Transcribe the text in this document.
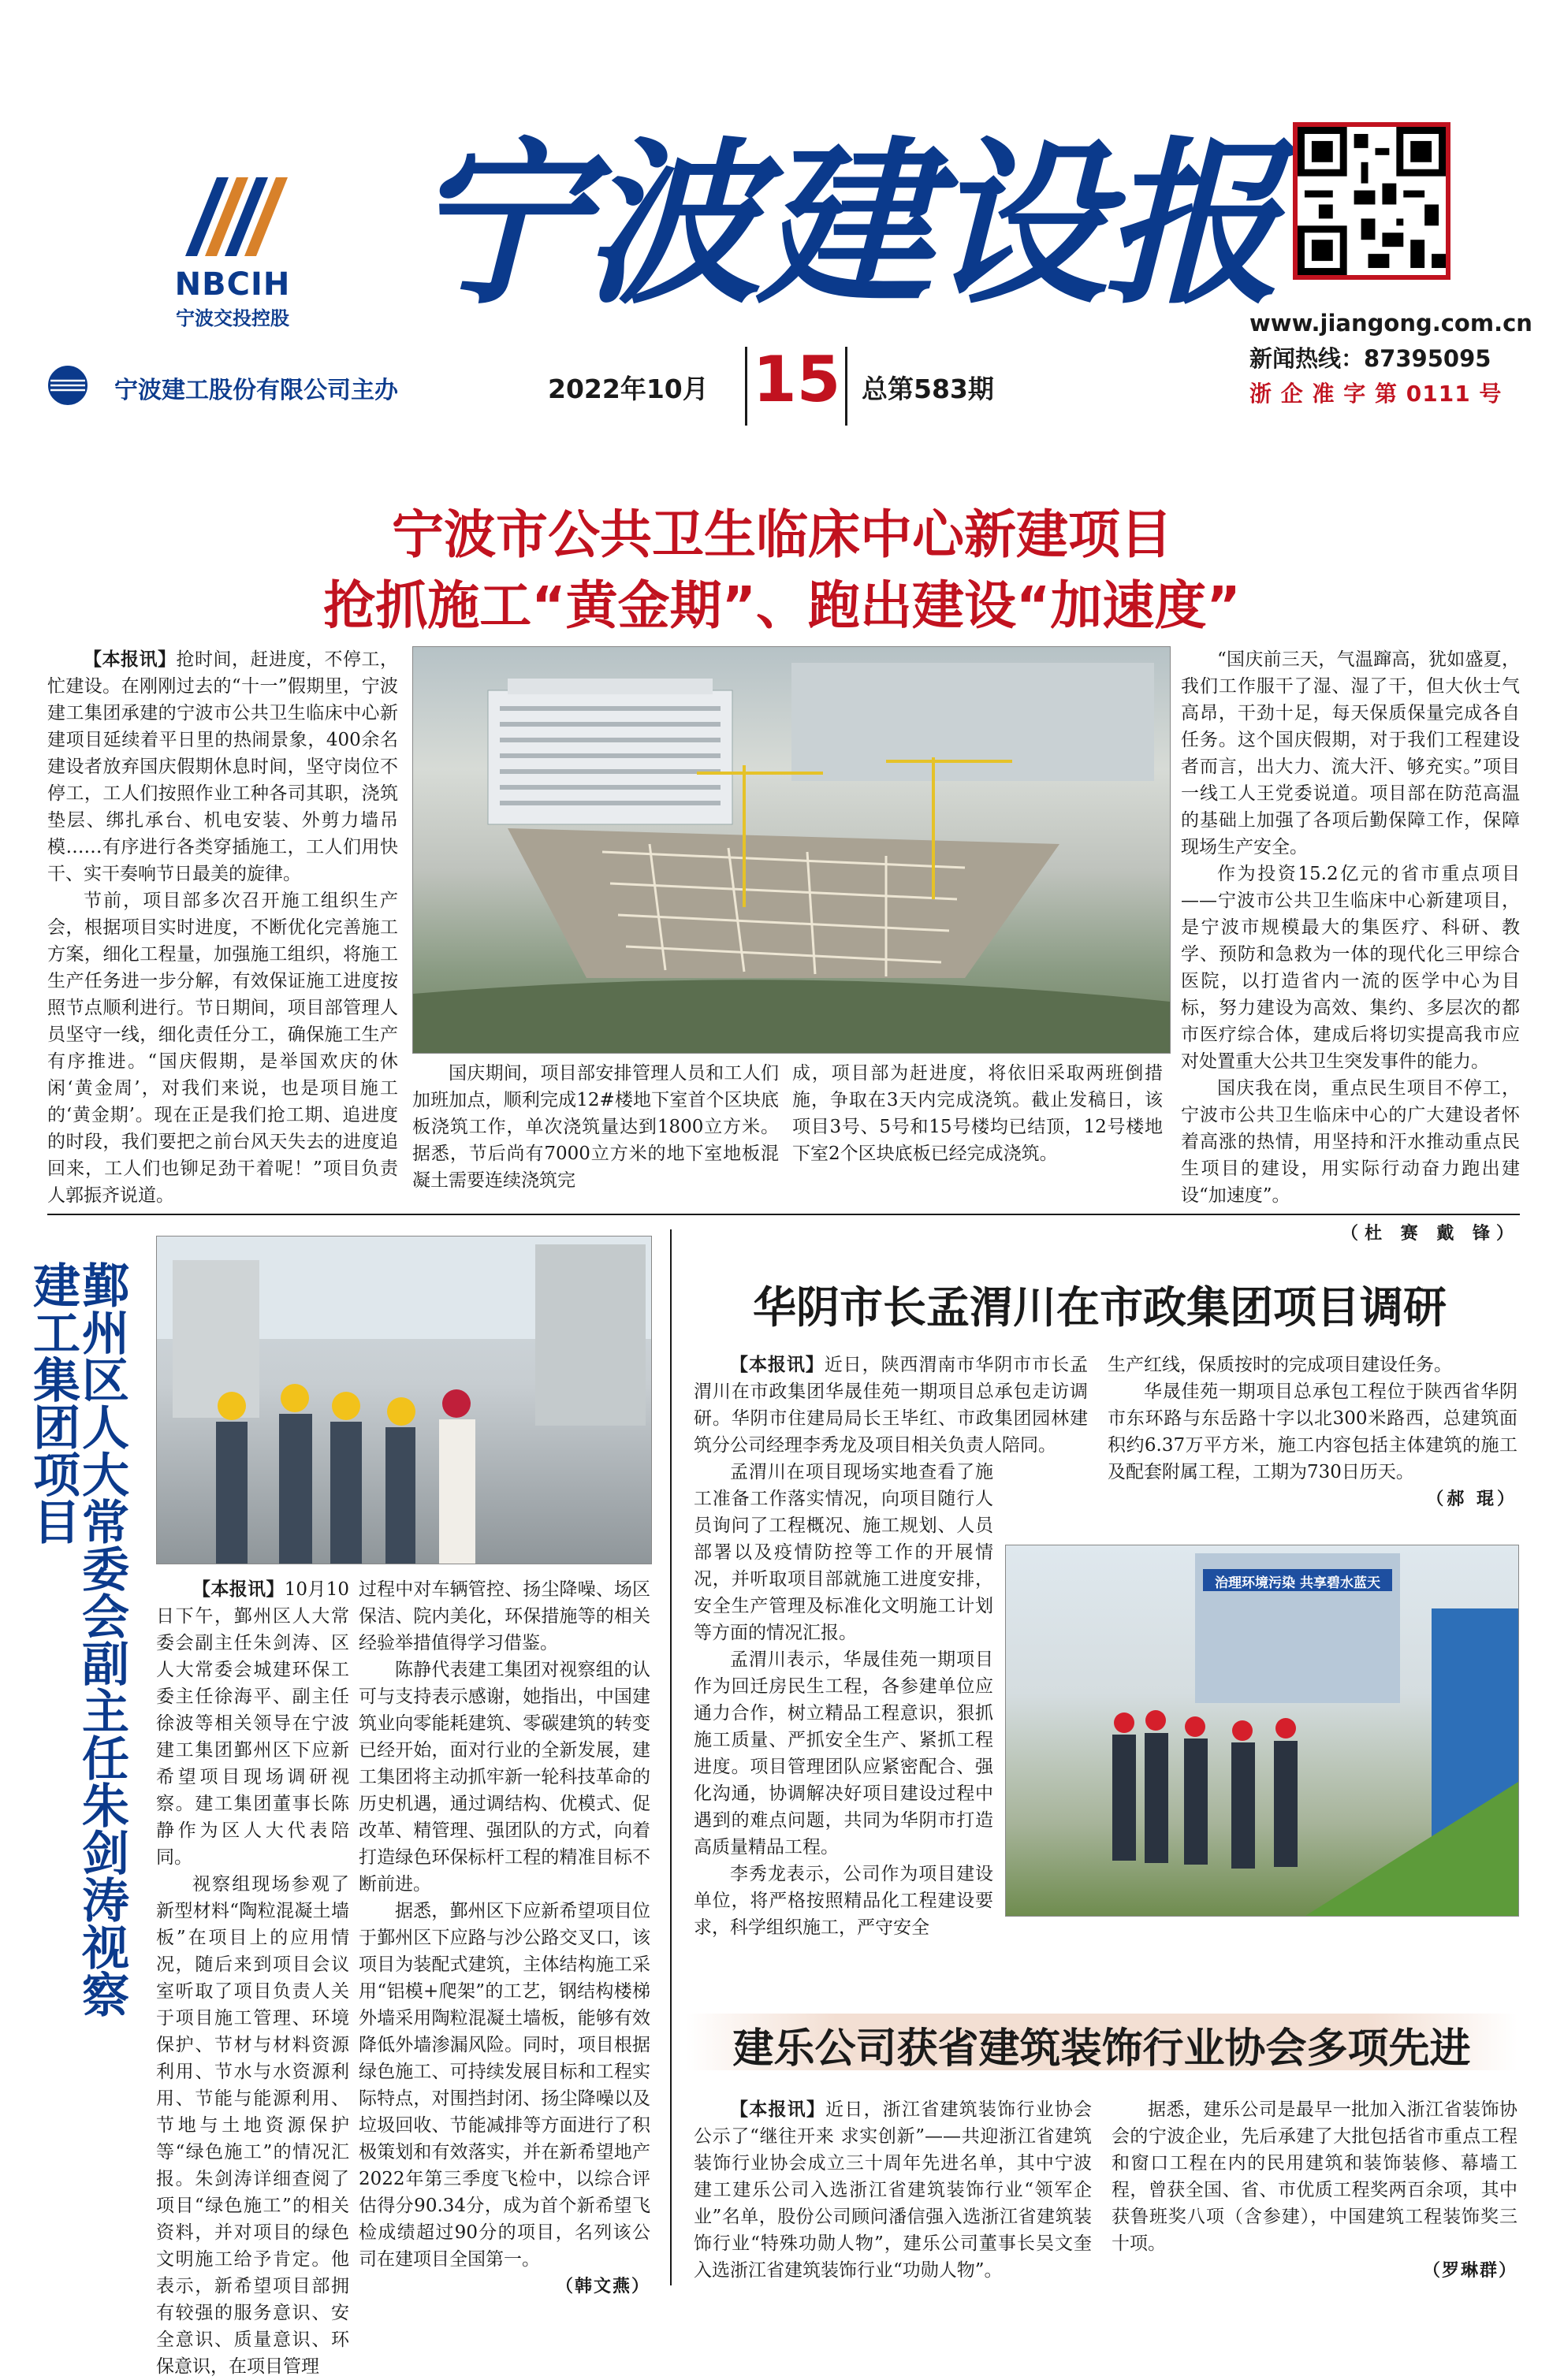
NBCIH
宁波交投控股 宁波建设报
www.jiangong.com.cn
新闻热线：87395095
浙 企 准 字 第 0111 号
宁波建工股份有限公司主办	2022年10月 15 总第583期
宁波市公共卫生临床中心新建项目
抢抓施工“黄金期”、跑出建设“加速度”

【本报讯】抢时间，赶进度，不停工，忙建设。在刚刚过去的“十一”假期里，宁波建工集团承建的宁波市公共卫生临床中心新建项目延续着平日里的热闹景象，400余名建设者放弃国庆假期休息时间，坚守岗位不停工，工人们按照作业工种各司其职，浇筑垫层、绑扎承台、机电安装、外剪力墙吊模……有序进行各类穿插施工，工人们用快干、实干奏响节日最美的旋律。

节前，项目部多次召开施工组织生产会，根据项目实时进度，不断优化完善施工方案，细化工程量，加强施工组织，将施工生产任务进一步分解，有效保证施工进度按照节点顺利进行。节日期间，项目部管理人员坚守一线，细化责任分工，确保施工生产有序推进。“国庆假期，是举国欢庆的休闲‘黄金周’，对我们来说，也是项目施工的‘黄金期’。现在正是我们抢工期、追进度的时段，我们要把之前台风天失去的进度追回来，工人们也铆足劲干着呢！”项目负责人郭振齐说道。

国庆期间，项目部安排管理人员和工人们加班加点，顺利完成12#楼地下室首个区块底板浇筑工作，单次浇筑量达到1800立方米。据悉，节后尚有7000立方米的地下室地板混凝土需要连续浇筑完

成，项目部为赶进度，将依旧采取两班倒措施，争取在3天内完成浇筑。截止发稿日，该项目3号、5号和15号楼均已结顶，12号楼地下室2个区块底板已经完成浇筑。

“国庆前三天，气温蹿高，犹如盛夏，我们工作服干了湿、湿了干，但大伙士气高昂，干劲十足，每天保质保量完成各自任务。这个国庆假期，对于我们工程建设者而言，出大力、流大汗、够充实。”项目一线工人王党委说道。项目部在防范高温的基础上加强了各项后勤保障工作，保障现场生产安全。

作为投资15.2亿元的省市重点项目——宁波市公共卫生临床中心新建项目，是宁波市规模最大的集医疗、科研、教学、预防和急救为一体的现代化三甲综合医院，以打造省内一流的医学中心为目标，努力建设为高效、集约、多层次的都市医疗综合体，建成后将切实提高我市应对处置重大公共卫生突发事件的能力。

国庆我在岗，重点民生项目不停工，宁波市公共卫生临床中心的广大建设者怀着高涨的热情，用坚持和汗水推动重点民生项目的建设，用实际行动奋力跑出建设“加速度”。

（杜 赛 戴 锋）
鄞州区人大常委会副主任朱剑涛视察建工集团项目

【本报讯】10月10日下午，鄞州区人大常委会副主任朱剑涛、区人大常委会城建环保工委主任徐海平、副主任徐波等相关领导在宁波建工集团鄞州区下应新希望项目现场调研视察。建工集团董事长陈静作为区人大代表陪同。

视察组现场参观了新型材料“陶粒混凝土墙板”在项目上的应用情况，随后来到项目会议室听取了项目负责人关于项目施工管理、环境保护、节材与材料资源利用、节水与水资源利用、节能与能源利用、节地与土地资源保护等“绿色施工”的情况汇报。朱剑涛详细查阅了项目“绿色施工”的相关资料，并对项目的绿色文明施工给予肯定。他表示，新希望项目部拥有较强的服务意识、安全意识、质量意识、环保意识，在项目管理

过程中对车辆管控、扬尘降噪、场区保洁、院内美化，环保措施等的相关经验举措值得学习借鉴。

陈静代表建工集团对视察组的认可与支持表示感谢，她指出，中国建筑业向零能耗建筑、零碳建筑的转变已经开始，面对行业的全新发展，建工集团将主动抓牢新一轮科技革命的历史机遇，通过调结构、优模式、促改革、精管理、强团队的方式，向着打造绿色环保标杆工程的精准目标不断前进。

据悉，鄞州区下应新希望项目位于鄞州区下应路与沙公路交叉口，该项目为装配式建筑，主体结构施工采用“铝模+爬架”的工艺，钢结构楼梯外墙采用陶粒混凝土墙板，能够有效降低外墙渗漏风险。同时，项目根据绿色施工、可持续发展目标和工程实际特点，对围挡封闭、扬尘降噪以及垃圾回收、节能减排等方面进行了积极策划和有效落实，并在新希望地产2022年第三季度飞检中，以综合评估得分90.34分，成为首个新希望飞检成绩超过90分的项目，名列该公司在建项目全国第一。

（韩文燕）
华阴市长孟渭川在市政集团项目调研

【本报讯】近日，陕西渭南市华阴市市长孟渭川在市政集团华晟佳苑一期项目总承包走访调研。华阴市住建局局长王毕红、市政集团园林建筑分公司经理李秀龙及项目相关负责人陪同。

孟渭川在项目现场实地查看了施工准备工作落实情况，向项目随行人员询问了工程概况、施工规划、人员部署以及疫情防控等工作的开展情况，并听取项目部就施工进度安排，安全生产管理及标准化文明施工计划等方面的情况汇报。

孟渭川表示，华晟佳苑一期项目作为回迁房民生工程，各参建单位应通力合作，树立精品工程意识，狠抓施工质量、严抓安全生产、紧抓工程进度。项目管理团队应紧密配合、强化沟通，协调解决好项目建设过程中遇到的难点问题，共同为华阴市打造高质量精品工程。

李秀龙表示，公司作为项目建设单位，将严格按照精品化工程建设要求，科学组织施工，严守安全

生产红线，保质按时的完成项目建设任务。

华晟佳苑一期项目总承包工程位于陕西省华阴市东环路与东岳路十字以北300米路西，总建筑面积约6.37万平方米，施工内容包括主体建筑的施工及配套附属工程，工期为730日历天。

（郝 琨）
治理环境污染 共享碧水蓝天
建乐公司获省建筑装饰行业协会多项先进

【本报讯】近日，浙江省建筑装饰行业协会公示了“继往开来 求实创新”——共迎浙江省建筑装饰行业协会成立三十周年先进名单，其中宁波建工建乐公司入选浙江省建筑装饰行业“领军企业”名单，股份公司顾问潘信强入选浙江省建筑装饰行业“特殊功勋人物”，建乐公司董事长吴文奎入选浙江省建筑装饰行业“功勋人物”。

据悉，建乐公司是最早一批加入浙江省装饰协会的宁波企业，先后承建了大批包括省市重点工程和窗口工程在内的民用建筑和装饰装修、幕墙工程，曾获全国、省、市优质工程奖两百余项，其中获鲁班奖八项（含参建），中国建筑工程装饰奖三十项。

（罗琳群）
